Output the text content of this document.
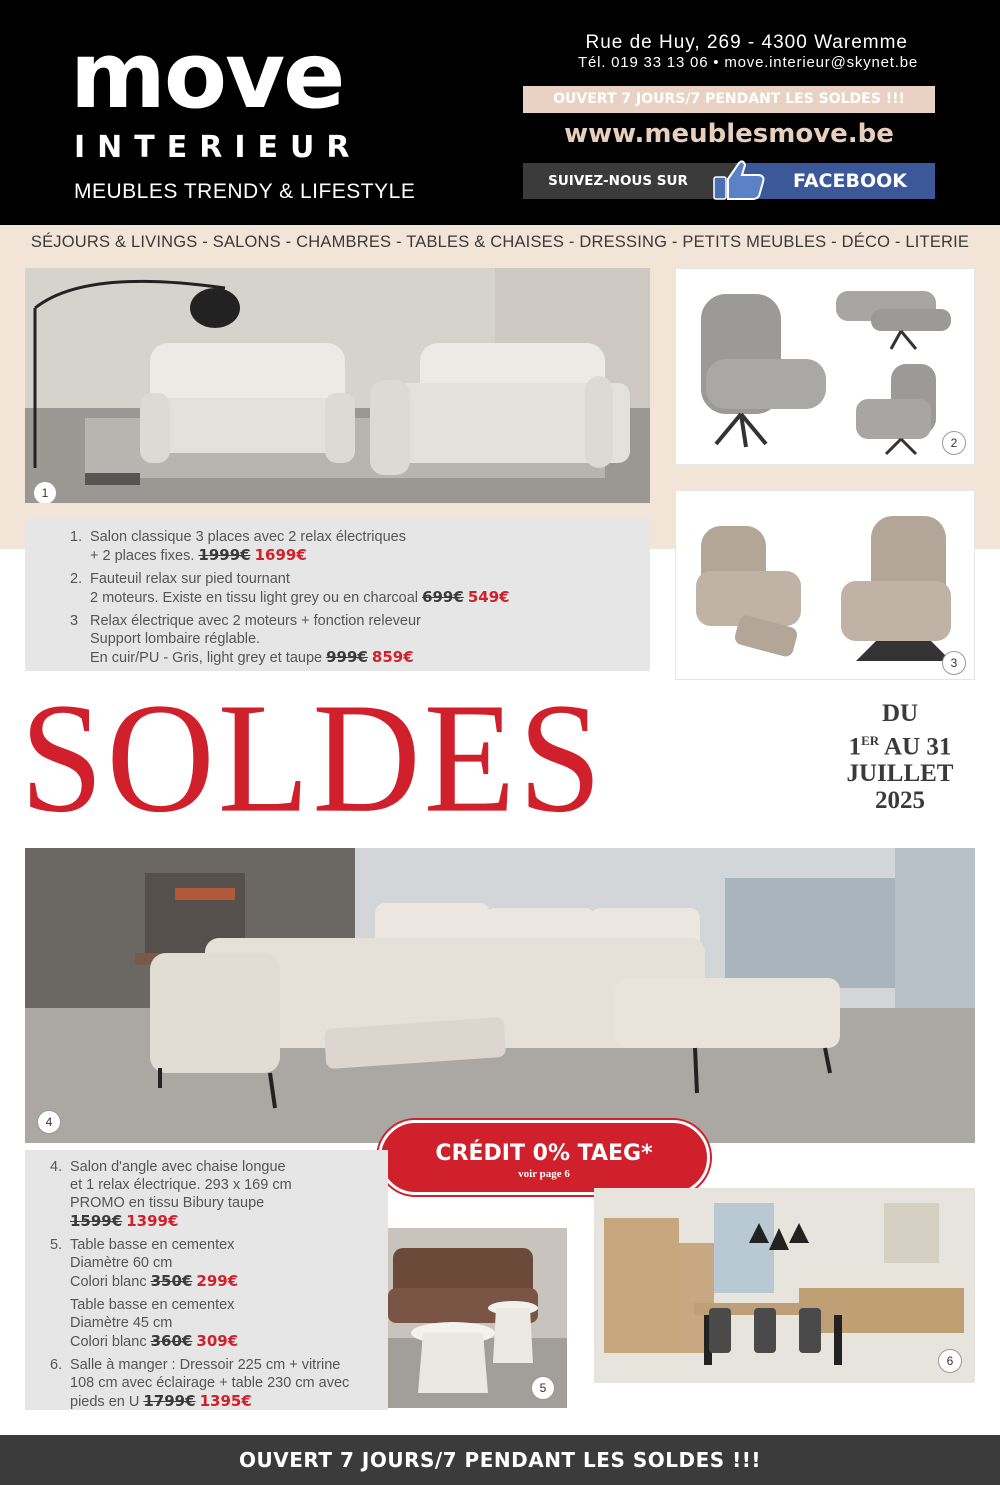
move
INTERIEUR
MEUBLES TRENDY & LIFESTYLE
Rue de Huy, 269 - 4300 Waremme
Tél. 019 33 13 06 • move.interieur@skynet.be
OUVERT 7 JOURS/7 PENDANT LES SOLDES !!!
www.meublesmove.be
SUIVEZ-NOUS SUR	FACEBOOK
SÉJOURS & LIVINGS - SALONS - CHAMBRES - TABLES & CHAISES - DRESSING - PETITS MEUBLES - DÉCO - LITERIE
1
2
3
1. Salon classique 3 places avec 2 relax électriques
+ 2 places fixes. 1999€ 1699€
2. Fauteuil relax sur pied tournant
2 moteurs. Existe en tissu light grey ou en charcoal 699€ 549€
3 Relax électrique avec 2 moteurs + fonction releveur
Support lombaire réglable.
En cuir/PU - Gris, light grey et taupe 999€ 859€
SOLDES	DU
1ER AU 31
JUILLET
2025
4
CRÉDIT 0% TAEG*
voir page 6
4. Salon d'angle avec chaise longue
et 1 relax électrique. 293 x 169 cm
PROMO en tissu Bibury taupe
1599€ 1399€
5. Table basse en cementex
Diamètre 60 cm
Colori blanc 350€ 299€
Table basse en cementex
Diamètre 45 cm
Colori blanc 360€ 309€
6. Salle à manger : Dressoir 225 cm + vitrine
108 cm avec éclairage + table 230 cm avec
pieds en U 1799€ 1395€
5
6
OUVERT 7 JOURS/7 PENDANT LES SOLDES !!!
